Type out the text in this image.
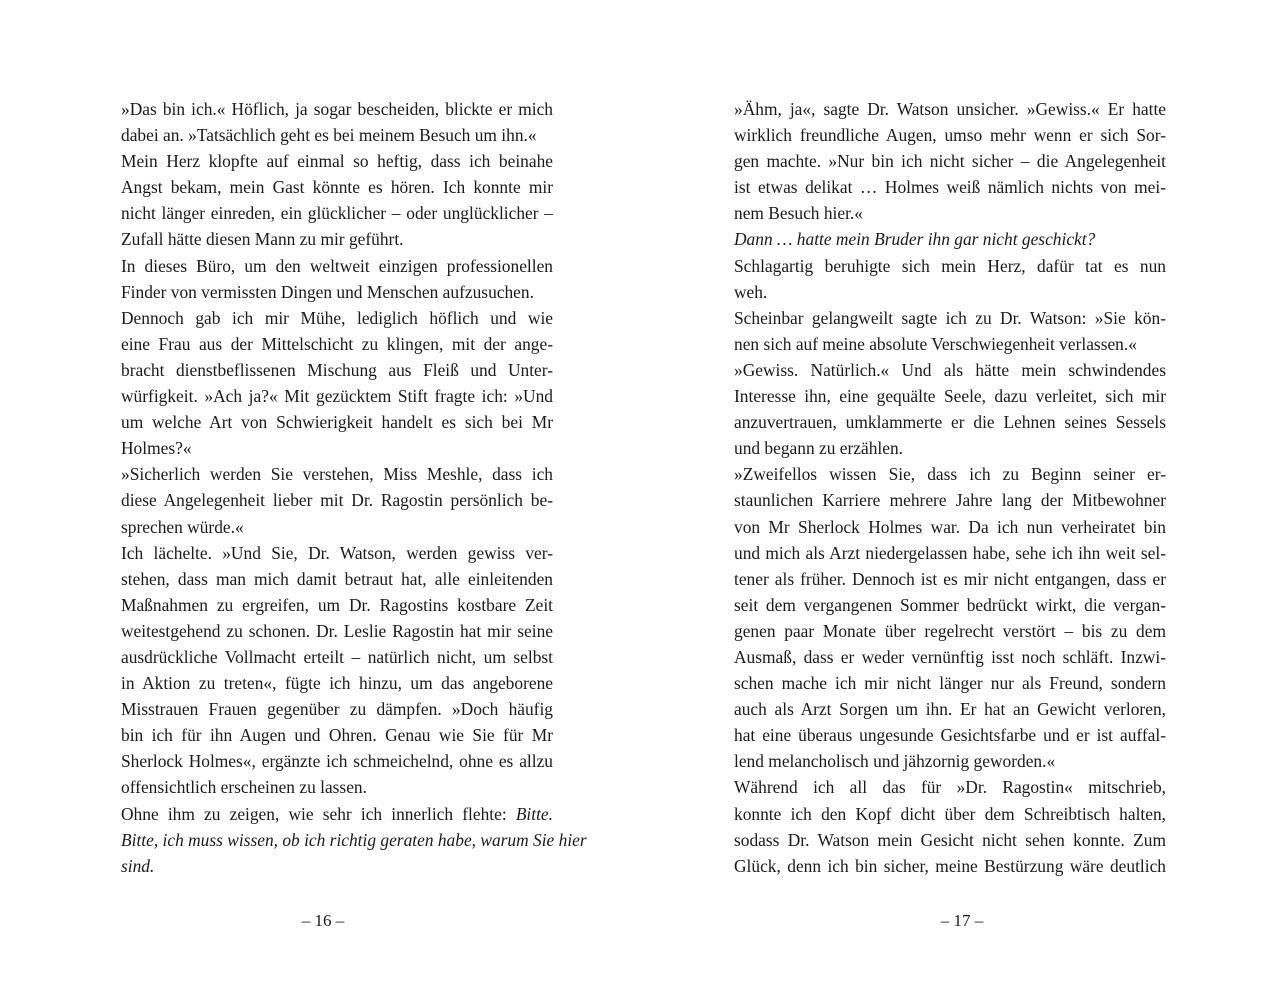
»Das bin ich.« Höflich, ja sogar bescheiden, blickte er mich
dabei an. »Tatsächlich geht es bei meinem Besuch um ihn.«
Mein Herz klopfte auf einmal so heftig, dass ich beinahe
Angst bekam, mein Gast könnte es hören. Ich konnte mir
nicht länger einreden, ein glücklicher – oder unglücklicher –
Zufall hätte diesen Mann zu mir geführt.
In dieses Büro, um den weltweit einzigen professionellen
Finder von vermissten Dingen und Menschen aufzusuchen.
Dennoch gab ich mir Mühe, lediglich höflich und wie
eine Frau aus der Mittelschicht zu klingen, mit der ange-
bracht dienstbeflissenen Mischung aus Fleiß und Unter-
würfigkeit. »Ach ja?« Mit gezücktem Stift fragte ich: »Und
um welche Art von Schwierigkeit handelt es sich bei Mr
Holmes?«
»Sicherlich werden Sie verstehen, Miss Meshle, dass ich
diese Angelegenheit lieber mit Dr. Ragostin persönlich be-
sprechen würde.«
Ich lächelte. »Und Sie, Dr. Watson, werden gewiss ver-
stehen, dass man mich damit betraut hat, alle einleitenden
Maßnahmen zu ergreifen, um Dr. Ragostins kostbare Zeit
weitestgehend zu schonen. Dr. Leslie Ragostin hat mir seine
ausdrückliche Vollmacht erteilt – natürlich nicht, um selbst
in Aktion zu treten«, fügte ich hinzu, um das angeborene
Misstrauen Frauen gegenüber zu dämpfen. »Doch häufig
bin ich für ihn Augen und Ohren. Genau wie Sie für Mr
Sherlock Holmes«, ergänzte ich schmeichelnd, ohne es allzu
offensichtlich erscheinen zu lassen.
Ohne ihm zu zeigen, wie sehr ich innerlich flehte: Bitte.
Bitte, ich muss wissen, ob ich richtig geraten habe, warum Sie hier
sind.
»Ähm, ja«, sagte Dr. Watson unsicher. »Gewiss.« Er hatte
wirklich freundliche Augen, umso mehr wenn er sich Sor-
gen machte. »Nur bin ich nicht sicher – die Angelegenheit
ist etwas delikat … Holmes weiß nämlich nichts von mei-
nem Besuch hier.«
Dann … hatte mein Bruder ihn gar nicht geschickt?
Schlagartig beruhigte sich mein Herz, dafür tat es nun
weh.
Scheinbar gelangweilt sagte ich zu Dr. Watson: »Sie kön-
nen sich auf meine absolute Verschwiegenheit verlassen.«
»Gewiss. Natürlich.« Und als hätte mein schwindendes
Interesse ihn, eine gequälte Seele, dazu verleitet, sich mir
anzuvertrauen, umklammerte er die Lehnen seines Sessels
und begann zu erzählen.
»Zweifellos wissen Sie, dass ich zu Beginn seiner er-
staunlichen Karriere mehrere Jahre lang der Mitbewohner
von Mr Sherlock Holmes war. Da ich nun verheiratet bin
und mich als Arzt niedergelassen habe, sehe ich ihn weit sel-
tener als früher. Dennoch ist es mir nicht entgangen, dass er
seit dem vergangenen Sommer bedrückt wirkt, die vergan-
genen paar Monate über regelrecht verstört – bis zu dem
Ausmaß, dass er weder vernünftig isst noch schläft. Inzwi-
schen mache ich mir nicht länger nur als Freund, sondern
auch als Arzt Sorgen um ihn. Er hat an Gewicht verloren,
hat eine überaus ungesunde Gesichtsfarbe und er ist auffal-
lend melancholisch und jähzornig geworden.«
Während ich all das für »Dr. Ragostin« mitschrieb,
konnte ich den Kopf dicht über dem Schreibtisch halten,
sodass Dr. Watson mein Gesicht nicht sehen konnte. Zum
Glück, denn ich bin sicher, meine Bestürzung wäre deutlich
– 16 –	– 17 –
